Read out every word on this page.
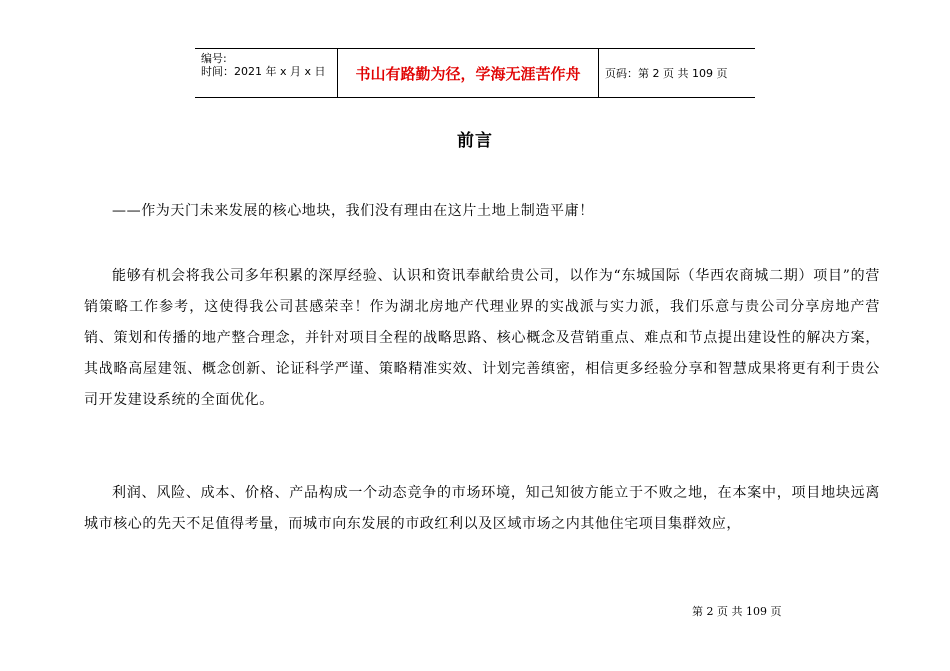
编号:
时间：2021 年 x 月 x 日	书山有路勤为径，学海无涯苦作舟 页码：第 2 页 共 109 页
前言
——作为天门未来发展的核心地块，我们没有理由在这片土地上制造平庸！
能够有机会将我公司多年积累的深厚经验、认识和资讯奉献给贵公司，以作为“东城国际（华西农商城二期）项目”的营销策略工作参考，这使得我公司甚感荣幸！作为湖北房地产代理业界的实战派与实力派，我们乐意与贵公司分享房地产营销、策划和传播的地产整合理念，并针对项目全程的战略思路、核心概念及营销重点、难点和节点提出建设性的解决方案，其战略高屋建瓴、概念创新、论证科学严谨、策略精准实效、计划完善缜密，相信更多经验分享和智慧成果将更有利于贵公司开发建设系统的全面优化。
利润、风险、成本、价格、产品构成一个动态竞争的市场环境，知己知彼方能立于不败之地，在本案中，项目地块远离城市核心的先天不足值得考量，而城市向东发展的市政红利以及区域市场之内其他住宅项目集群效应，
第 2 页 共 109 页
